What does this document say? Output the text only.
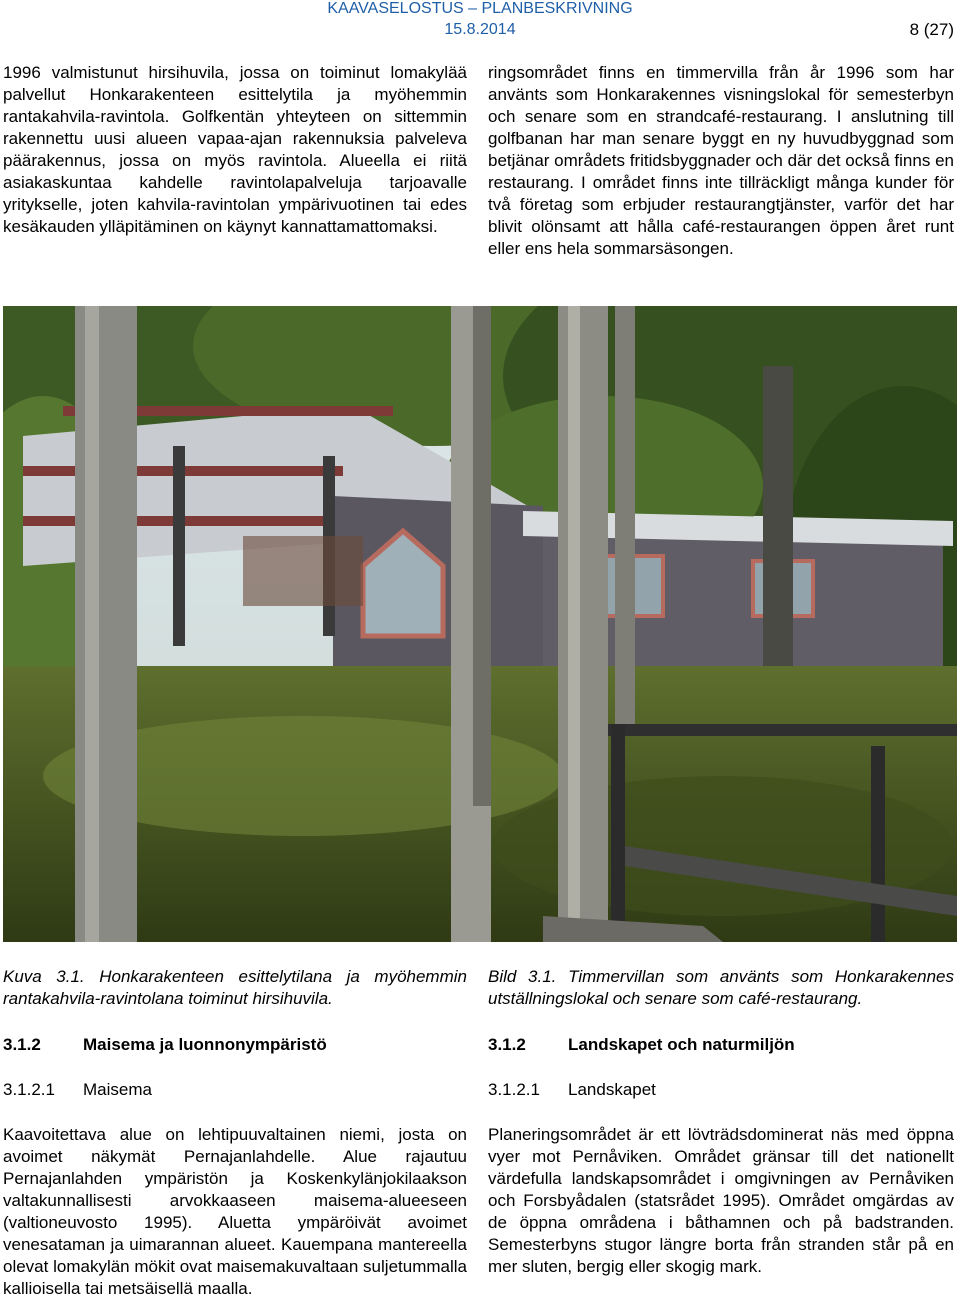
KAAVASELOSTUS – PLANBESKRIVNING
15.8.2014	8 (27)
1996 valmistunut hirsihuvila, jossa on toiminut lomakylää palvellut Honkarakenteen esittelytila ja myöhemmin rantakahvila-ravintola. Golfkentän yhteyteen on sittemmin rakennettu uusi alueen vapaa-ajan rakennuksia palveleva päärakennus, jossa on myös ravintola. Alueella ei riitä asiakaskuntaa kahdelle ravintolapalveluja tarjoavalle yritykselle, joten kahvila-ravintolan ympärivuotinen tai edes kesäkauden ylläpitäminen on käynyt kannattamattomaksi.
ringsområdet finns en timmervilla från år 1996 som har använts som Honkarakennes visningslokal för semesterbyn och senare som en strandcafé-restaurang. I anslutning till golfbanan har man senare byggt en ny huvudbyggnad som betjänar områdets fritidsbyggnader och där det också finns en restaurang. I området finns inte tillräckligt många kunder för två företag som erbjuder restaurangtjänster, varför det har blivit olönsamt att hålla café-restaurangen öppen året runt eller ens hela sommarsäsongen.
Kuva 3.1. Honkarakenteen esittelytilana ja myöhemmin rantakahvila-ravintolana toiminut hirsihuvila.
Bild 3.1. Timmervillan som använts som Honkarakennes utställningslokal och senare som café-restaurang.
3.1.2 Maisema ja luonnonympäristö	3.1.2 Landskapet och naturmiljön
3.1.2.1 Maisema	3.1.2.1 Landskapet
Kaavoitettava alue on lehtipuuvaltainen niemi, josta on avoimet näkymät Pernajanlahdelle. Alue rajautuu Pernajanlahden ympäristön ja Koskenkylänjokilaakson valtakunnallisesti arvokkaaseen maisema-alueeseen (valtioneuvosto 1995). Aluetta ympäröivät avoimet venesataman ja uimarannan alueet. Kauempana mantereella olevat lomakylän mökit ovat maisemakuvaltaan suljetummalla kallioisella tai metsäisellä maalla.
Planeringsområdet är ett lövträdsdominerat näs med öppna vyer mot Pernåviken. Området gränsar till det nationellt värdefulla landskapsområdet i omgivningen av Pernåviken och Forsbyådalen (statsrådet 1995). Området omgärdas av de öppna områdena i båthamnen och på badstranden. Semesterbyns stugor längre borta från stranden står på en mer sluten, bergig eller skogig mark.
